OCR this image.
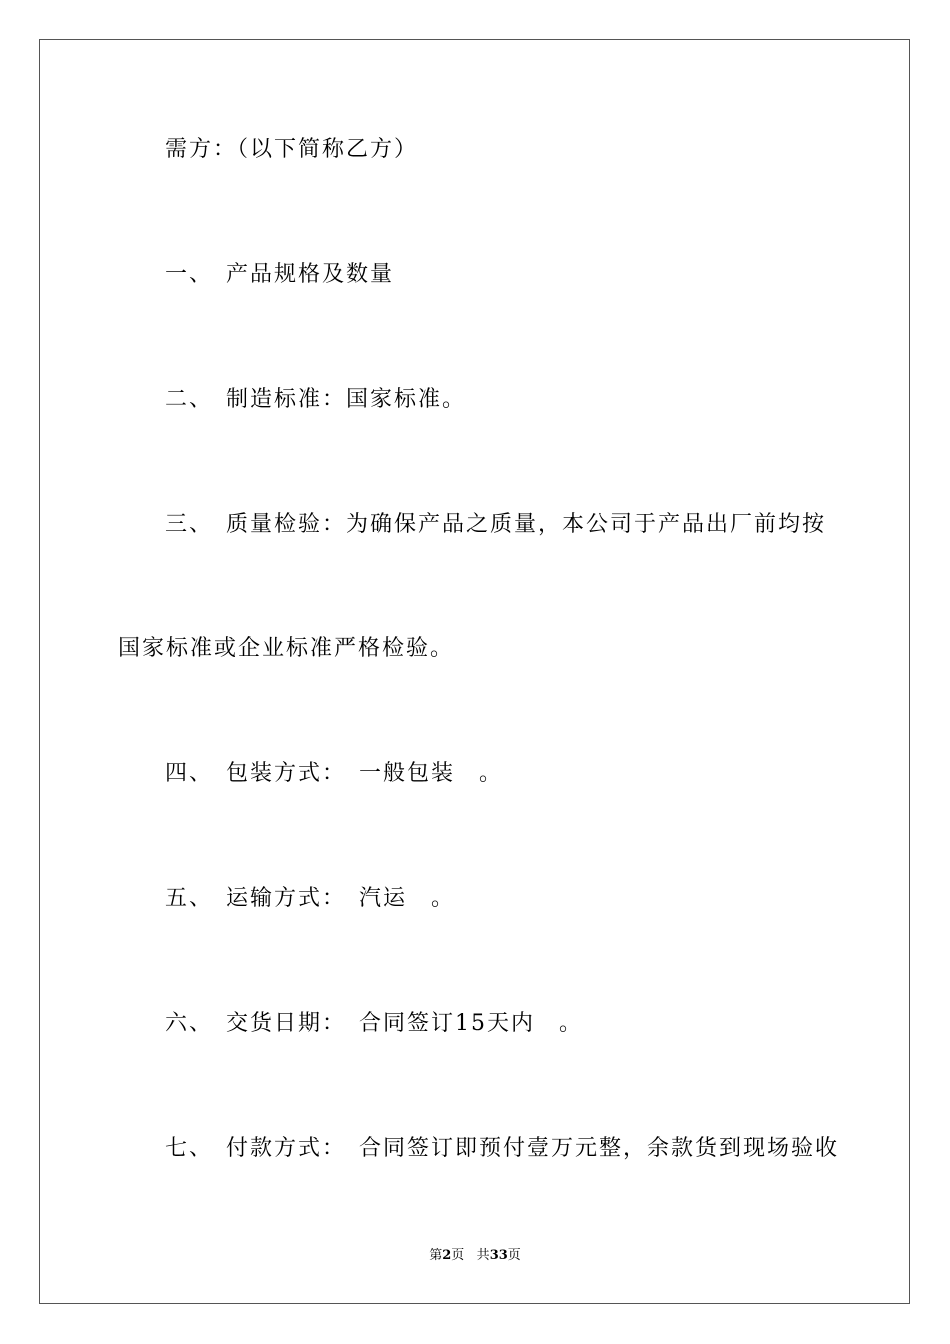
需方：（以下简称乙方）
一、　产品规格及数量
二、　制造标准：国家标准。
三、　质量检验：为确保产品之质量，本公司于产品出厂前均按
国家标准或企业标准严格检验。
四、　包装方式：　一般包装　。
五、　运输方式：　汽运　。
六、　交货日期：　合同签订15天内　。
七、　付款方式：　合同签订即预付壹万元整，余款货到现场验收
第2页 共33页
